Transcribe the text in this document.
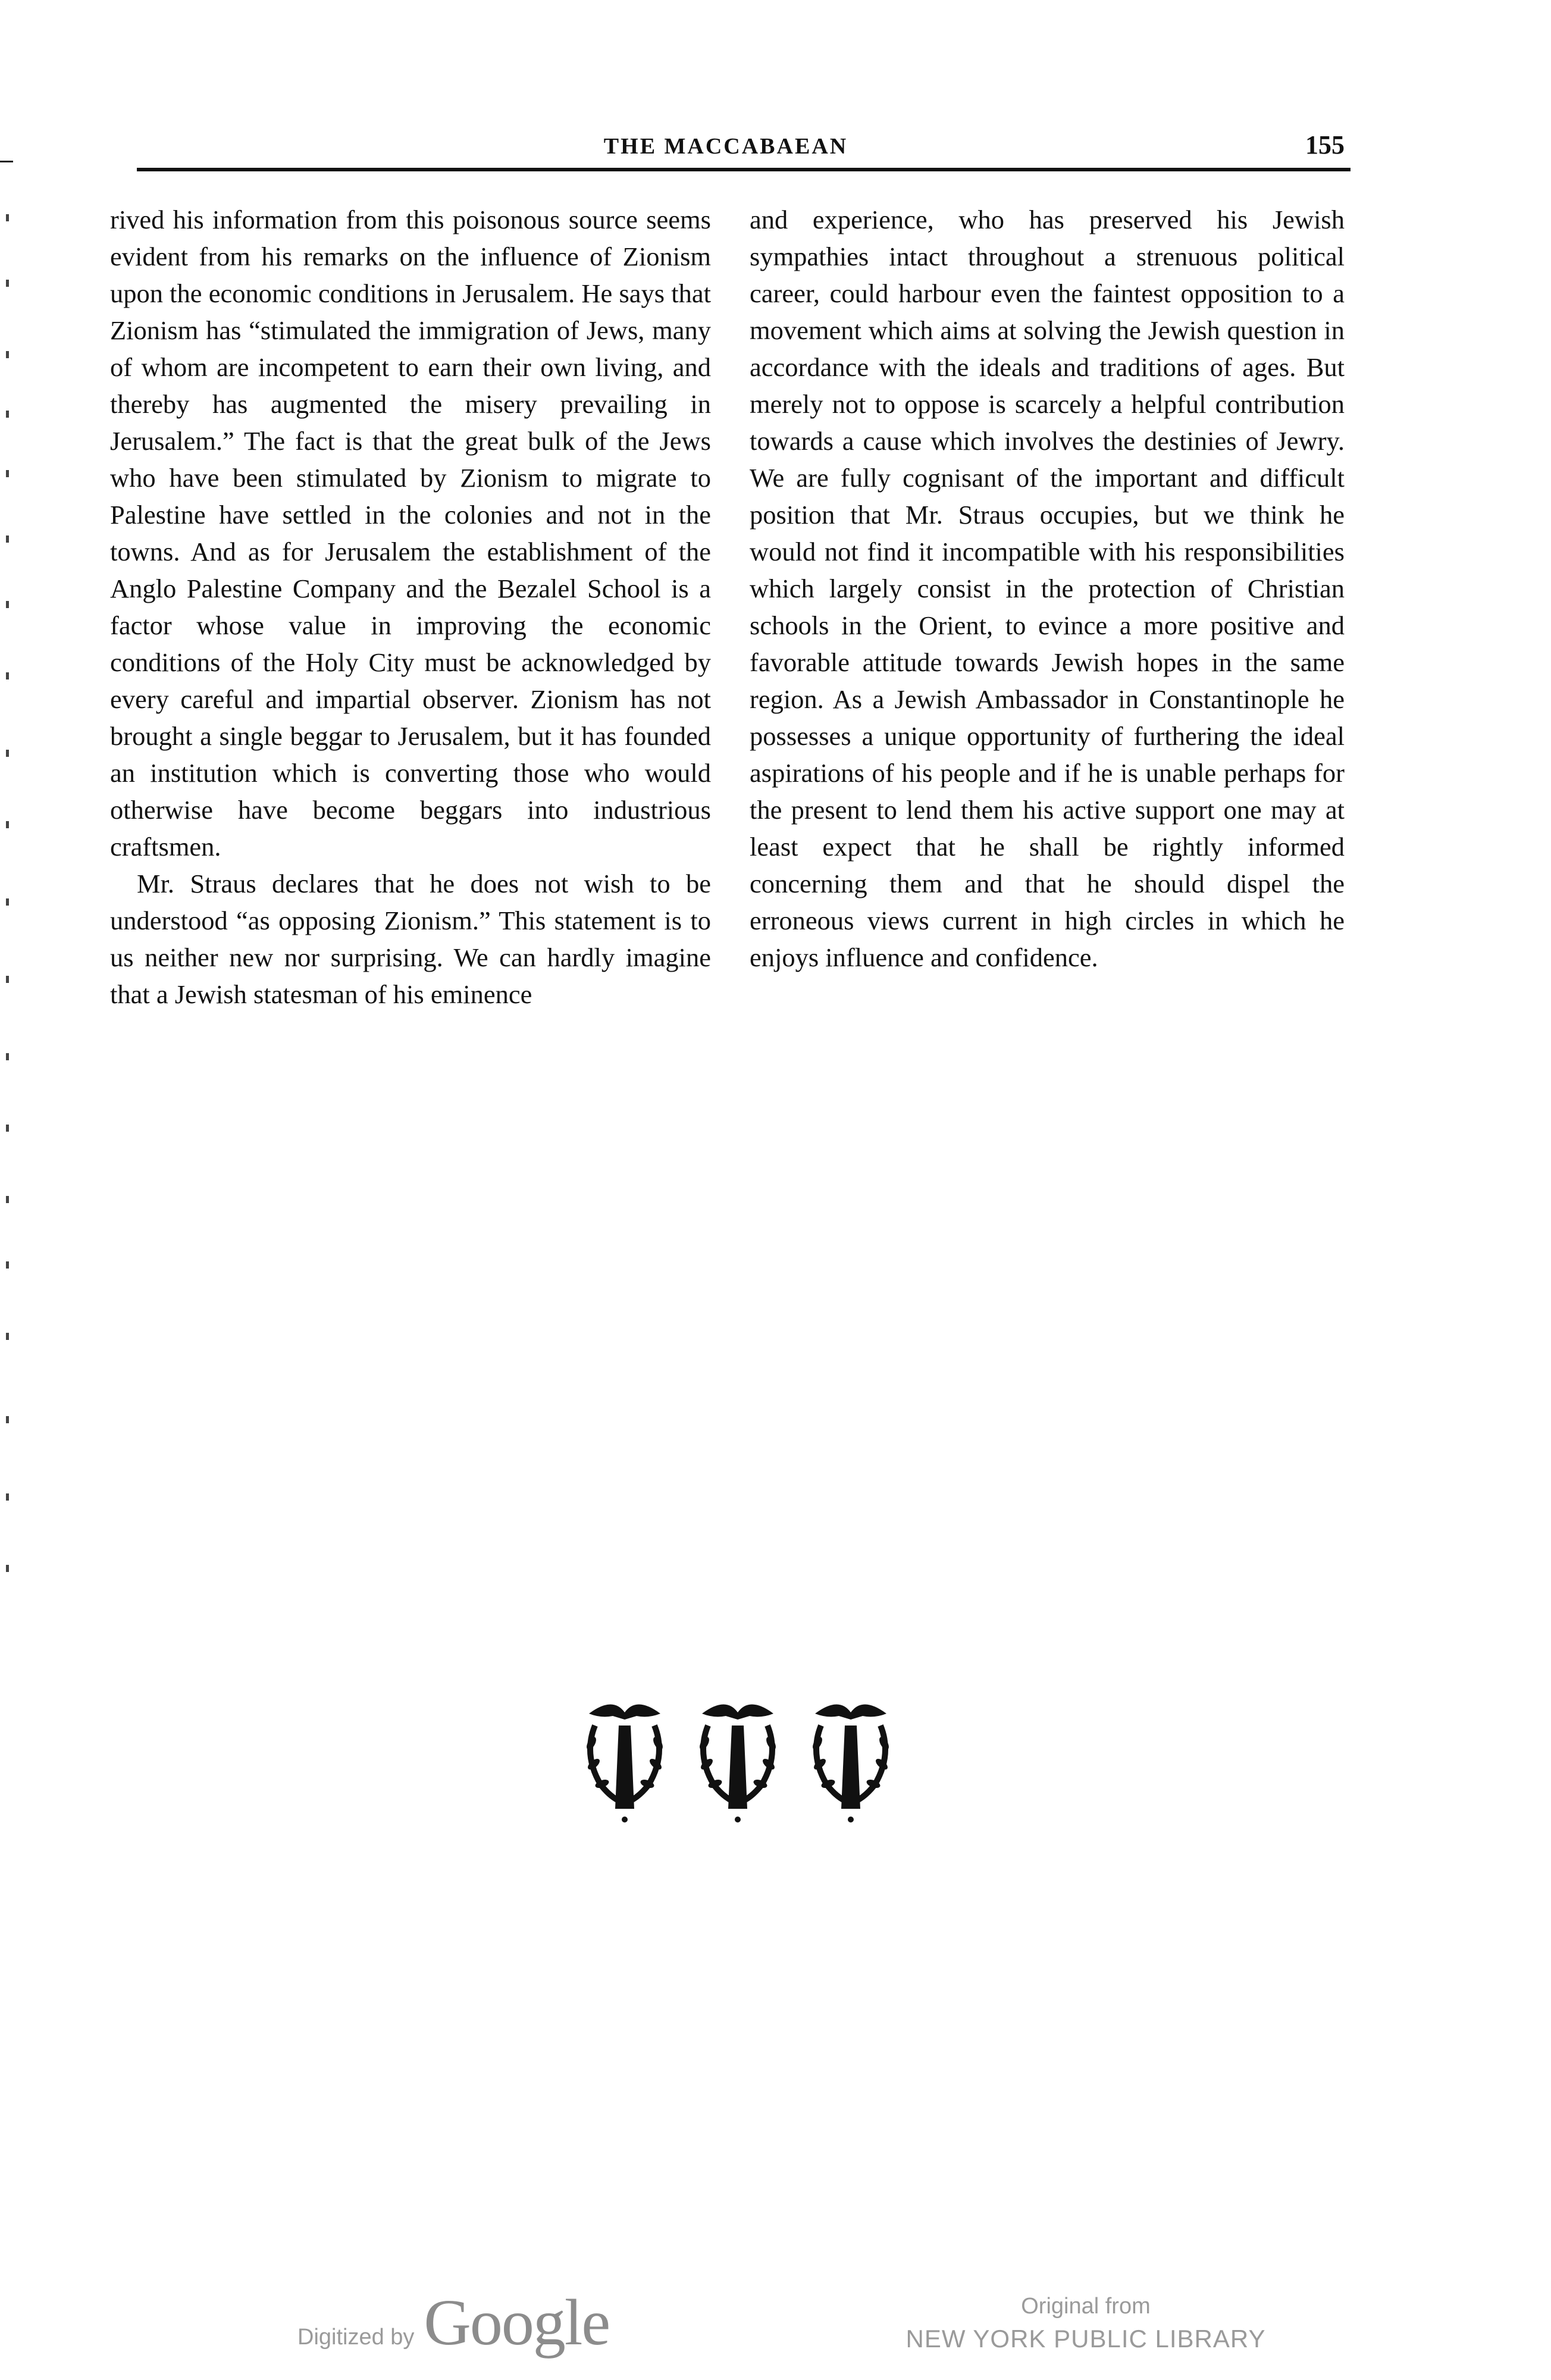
THE MACCABAEAN	155

rived his information from this poisonous source seems evident from his remarks on the influence of Zionism upon the economic conditions in Jerusalem. He says that Zionism has “stimulated the immigration of Jews, many of whom are incompetent to earn their own living, and thereby has augmented the misery prevailing in Jerusalem.” The fact is that the great bulk of the Jews who have been stimulated by Zionism to migrate to Palestine have settled in the colonies and not in the towns. And as for Jerusalem the establishment of the Anglo Palestine Company and the Bezalel School is a factor whose value in improving the economic conditions of the Holy City must be acknowledged by every careful and impartial observer. Zionism has not brought a single beggar to Jerusalem, but it has founded an institution which is converting those who would otherwise have become beggars into industrious craftsmen.

Mr. Straus declares that he does not wish to be understood “as opposing Zionism.” This statement is to us neither new nor surprising. We can hardly imagine that a Jewish statesman of his eminence

and experience, who has preserved his Jewish sympathies intact throughout a strenuous political career, could harbour even the faintest opposition to a movement which aims at solving the Jewish question in accordance with the ideals and traditions of ages. But merely not to oppose is scarcely a helpful contribution towards a cause which involves the destinies of Jewry. We are fully cognisant of the important and difficult position that Mr. Straus occupies, but we think he would not find it incompatible with his responsibilities which largely consist in the protection of Christian schools in the Orient, to evince a more positive and favorable attitude towards Jewish hopes in the same region. As a Jewish Ambassador in Constantinople he possesses a unique opportunity of furthering the ideal aspirations of his people and if he is unable perhaps for the present to lend them his active support one may at least expect that he shall be rightly informed concerning them and that he should dispel the erroneous views current in high circles in which he enjoys influence and confidence.

Digitized by Google	Original from
NEW YORK PUBLIC LIBRARY
